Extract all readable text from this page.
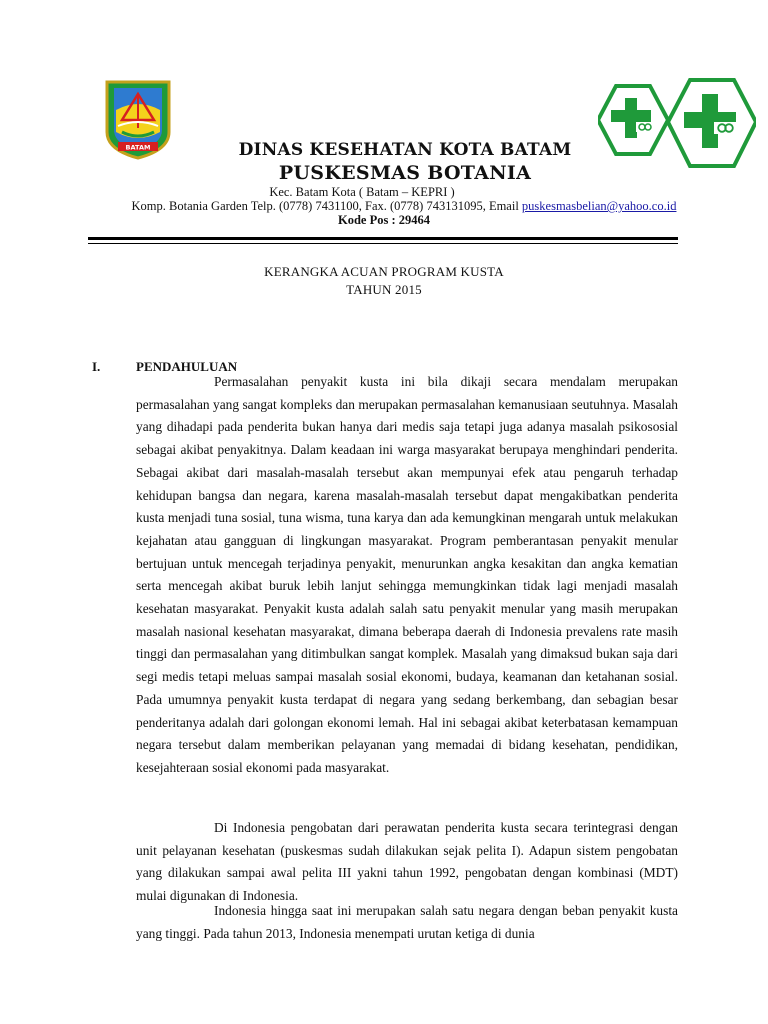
BATAM	DINAS KESEHATAN KOTA BATAM
PUSKESMAS BOTANIA
Kec. Batam Kota ( Batam – KEPRI )
Komp. Botania Garden Telp. (0778) 7431100, Fax. (0778) 743131095, Email puskesmasbelian@yahoo.co.id
Kode Pos : 29464
KERANGKA ACUAN PROGRAM KUSTA
TAHUN 2015
I.	PENDAHULUAN

Permasalahan penyakit kusta ini bila dikaji secara mendalam merupakan permasalahan yang sangat kompleks dan merupakan permasalahan kemanusiaan seutuhnya. Masalah yang dihadapi pada penderita bukan hanya dari medis saja tetapi juga adanya masalah psikososial sebagai akibat penyakitnya. Dalam keadaan ini warga masyarakat berupaya menghindari penderita. Sebagai akibat dari masalah-masalah tersebut akan mempunyai efek atau pengaruh terhadap kehidupan bangsa dan negara, karena masalah-masalah tersebut dapat mengakibatkan penderita kusta menjadi tuna sosial, tuna wisma, tuna karya dan ada kemungkinan mengarah untuk melakukan kejahatan atau gangguan di lingkungan masyarakat. Program pemberantasan penyakit menular bertujuan untuk mencegah terjadinya penyakit, menurunkan angka kesakitan dan angka kematian serta mencegah akibat buruk lebih lanjut sehingga memungkinkan tidak lagi menjadi masalah kesehatan masyarakat. Penyakit kusta adalah salah satu penyakit menular yang masih merupakan masalah nasional kesehatan masyarakat, dimana beberapa daerah di Indonesia prevalens rate masih tinggi dan permasalahan yang ditimbulkan sangat komplek. Masalah yang dimaksud bukan saja dari segi medis tetapi meluas sampai masalah sosial ekonomi, budaya, keamanan dan ketahanan sosial. Pada umumnya penyakit kusta terdapat di negara yang sedang berkembang, dan sebagian besar penderitanya adalah dari golongan ekonomi lemah. Hal ini sebagai akibat keterbatasan kemampuan negara tersebut dalam memberikan pelayanan yang memadai di bidang kesehatan, pendidikan, kesejahteraan sosial ekonomi pada masyarakat.

Di Indonesia pengobatan dari perawatan penderita kusta secara terintegrasi dengan unit pelayanan kesehatan (puskesmas sudah dilakukan sejak pelita I). Adapun sistem pengobatan yang dilakukan sampai awal pelita III yakni tahun 1992, pengobatan dengan kombinasi (MDT) mulai digunakan di Indonesia.

Indonesia hingga saat ini merupakan salah satu negara dengan beban penyakit kusta yang tinggi. Pada tahun 2013, Indonesia menempati urutan ketiga di dunia
